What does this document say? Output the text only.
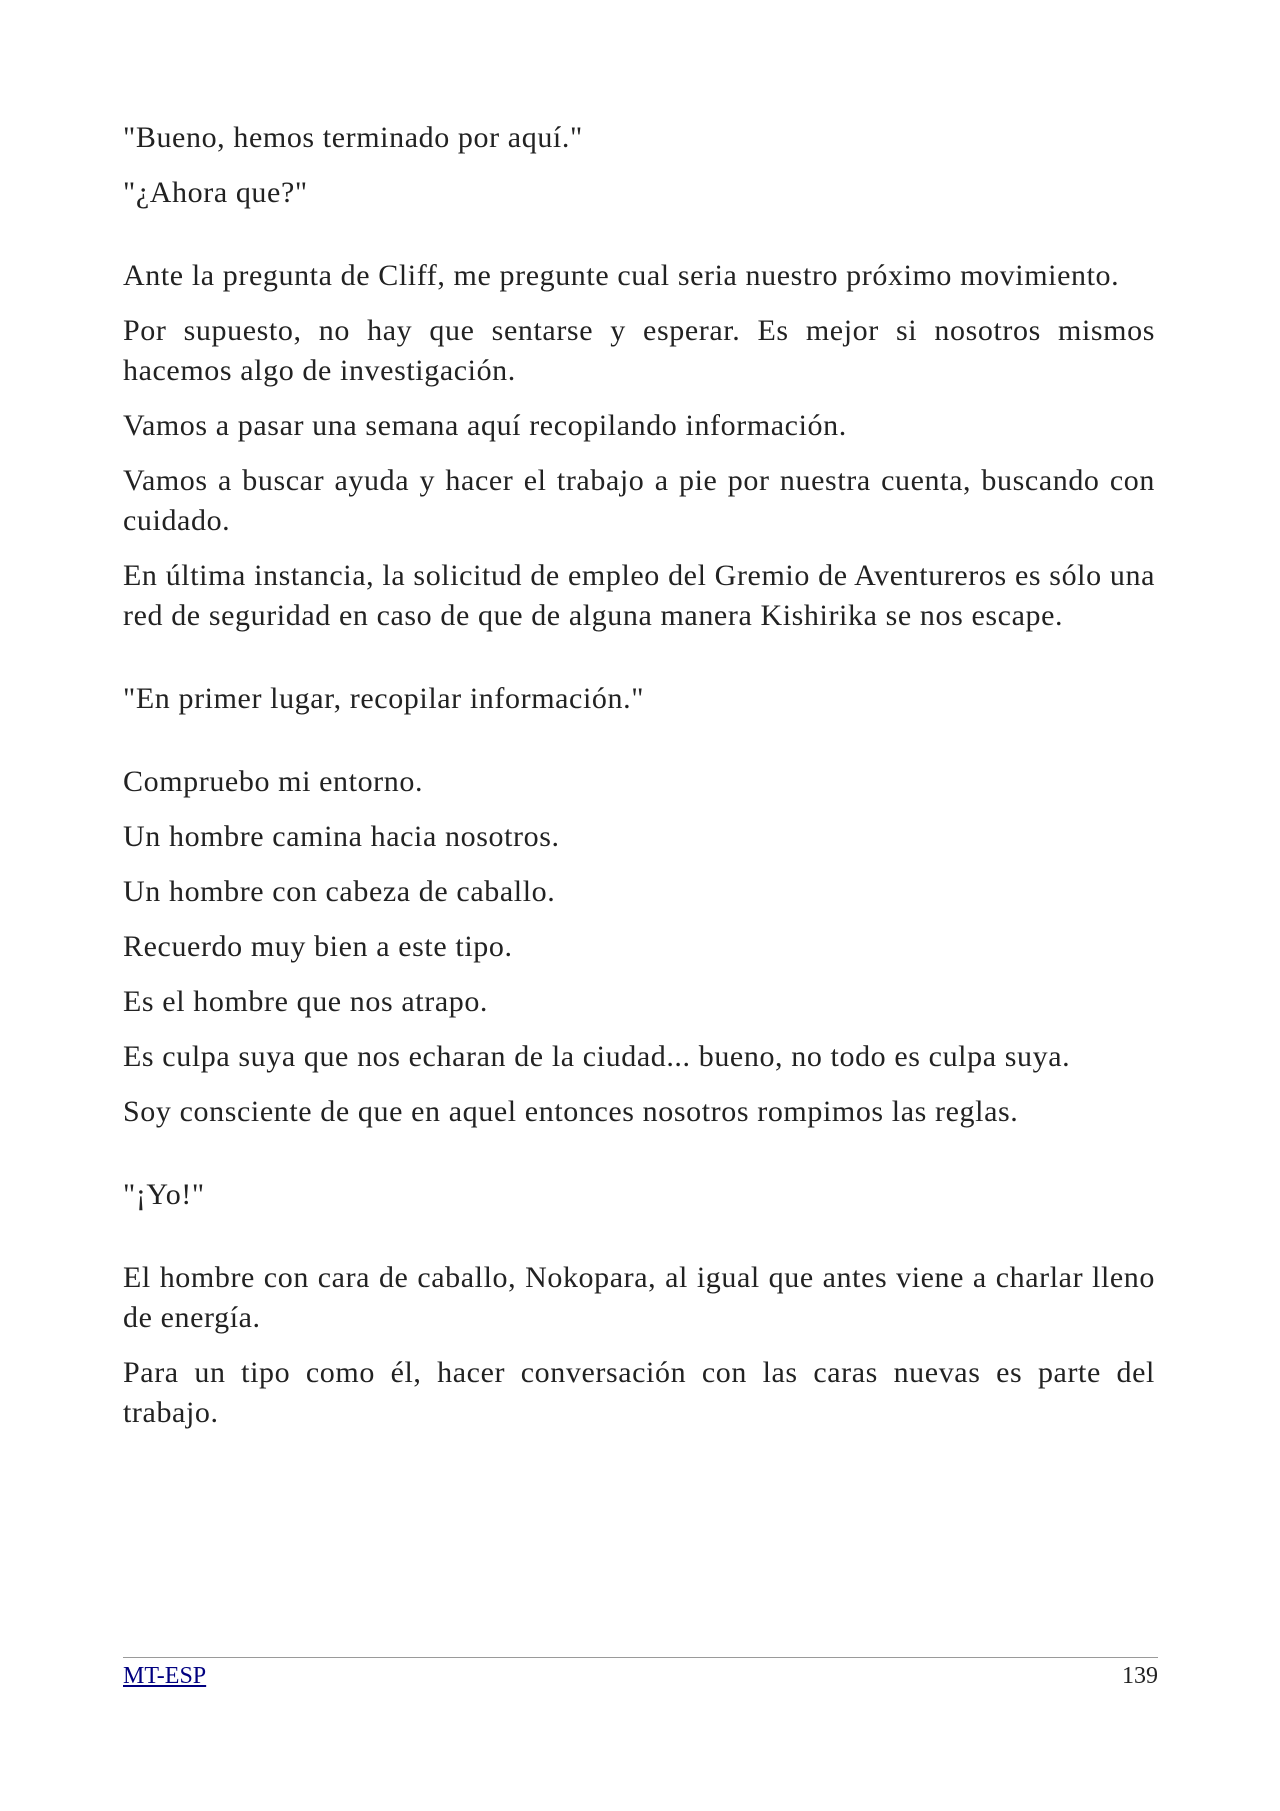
"Bueno, hemos terminado por aquí."

"¿Ahora que?"

Ante la pregunta de Cliff, me pregunte cual seria nuestro próximo movimiento.

Por supuesto, no hay que sentarse y esperar. Es mejor si nosotros mismos hacemos algo de investigación.

Vamos a pasar una semana aquí recopilando información.

Vamos a buscar ayuda y hacer el trabajo a pie por nuestra cuenta, buscando con cuidado.

En última instancia, la solicitud de empleo del Gremio de Aventureros es sólo una red de seguridad en caso de que de alguna manera Kishirika se nos escape.

"En primer lugar, recopilar información."

Compruebo mi entorno.

Un hombre camina hacia nosotros.

Un hombre con cabeza de caballo.

Recuerdo muy bien a este tipo.

Es el hombre que nos atrapo.

Es culpa suya que nos echaran de la ciudad... bueno, no todo es culpa suya.

Soy consciente de que en aquel entonces nosotros rompimos las reglas.

"¡Yo!"

El hombre con cara de caballo, Nokopara, al igual que antes viene a charlar lleno de energía.

Para un tipo como él, hacer conversación con las caras nuevas es parte del trabajo.

MT-ESP	139
